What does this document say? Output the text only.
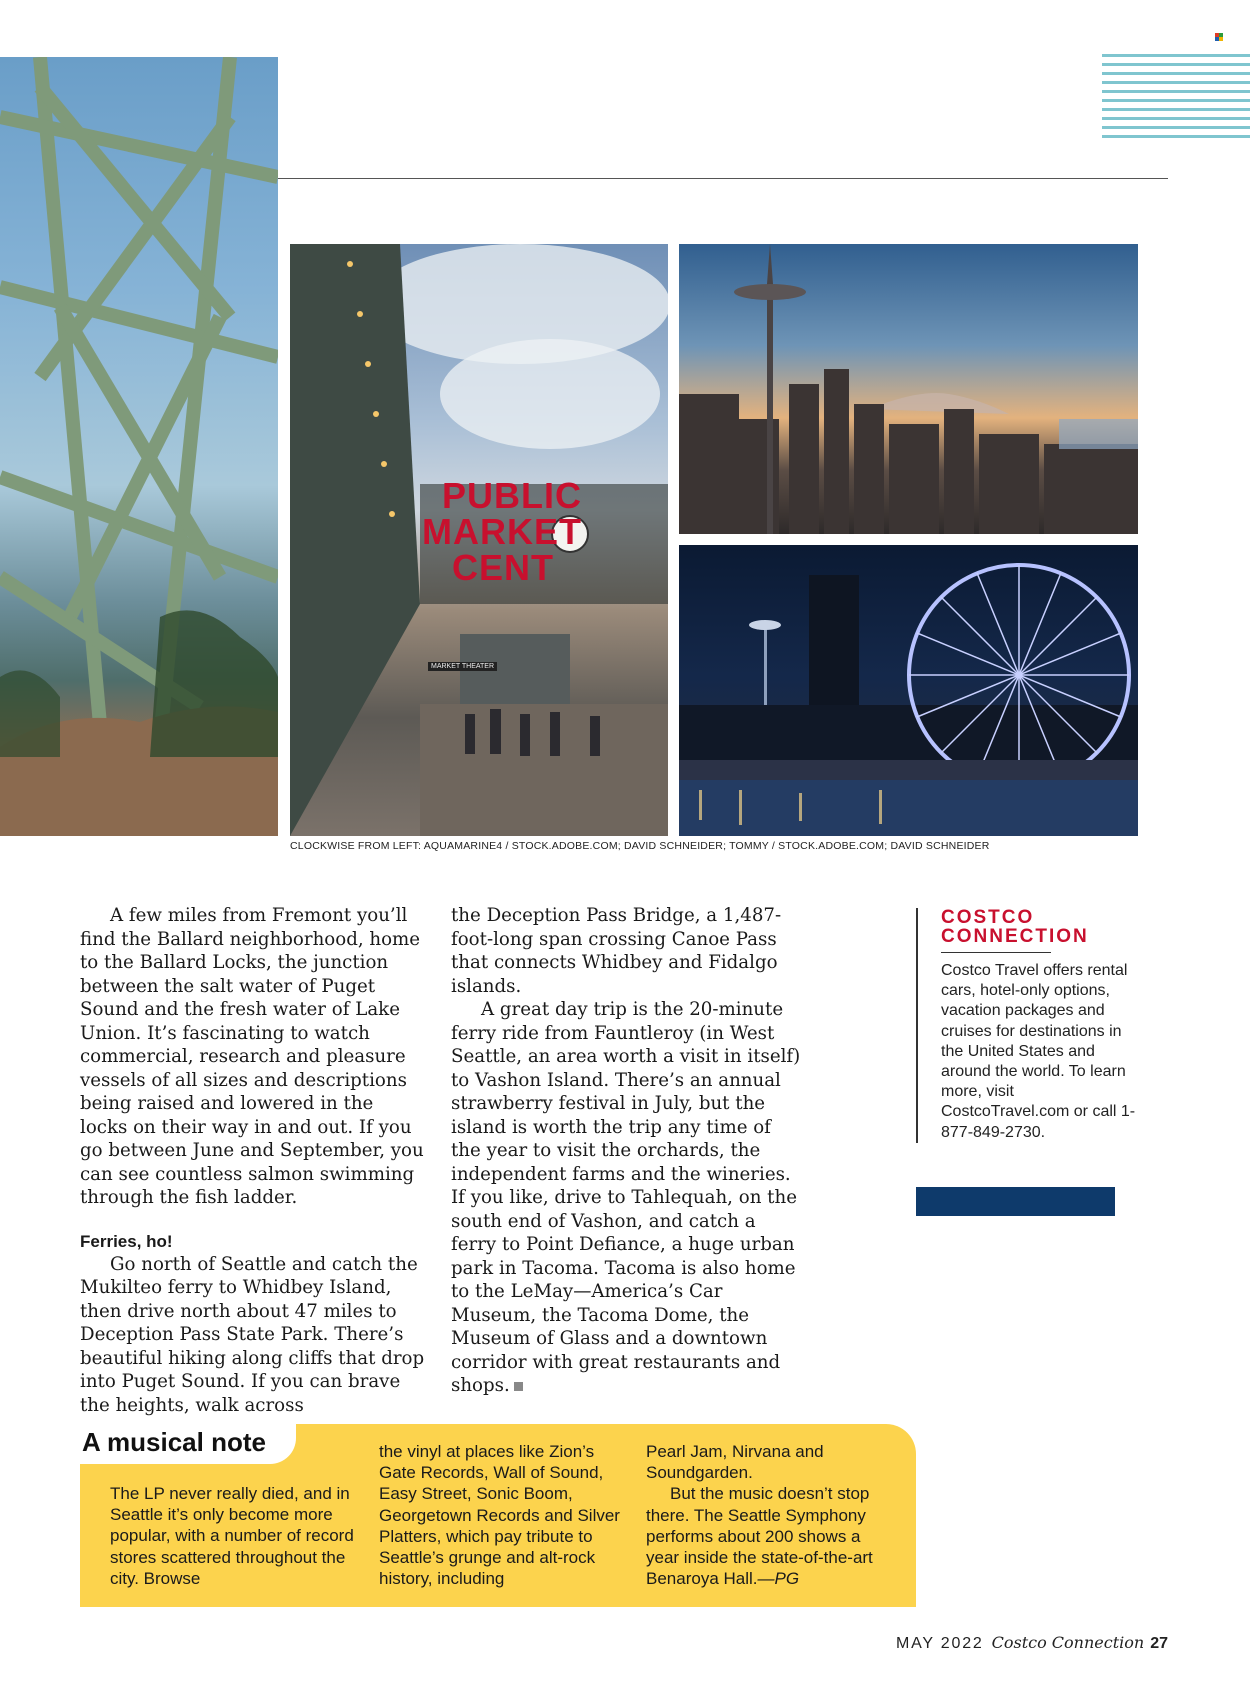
PUBLIC
MARKET
CENT
MARKET THEATER
CLOCKWISE FROM LEFT: AQUAMARINE4 / STOCK.ADOBE.COM; DAVID SCHNEIDER; TOMMY / STOCK.ADOBE.COM; DAVID SCHNEIDER

A few miles from Fremont you’ll find the Ballard neighborhood, home to the Ballard Locks, the junction between the salt water of Puget Sound and the fresh water of Lake Union. It’s fascinating to watch commercial, research and pleasure vessels of all sizes and descriptions being raised and lowered in the locks on their way in and out. If you go between June and September, you can see countless salmon swimming through the fish ladder.

Ferries, ho!

Go north of Seattle and catch the Mukilteo ferry to Whidbey Island, then drive north about 47 miles to Deception Pass State Park. There’s beautiful hiking along cliffs that drop into Puget Sound. If you can brave the heights, walk across

the Deception Pass Bridge, a 1,487-foot-long span crossing Canoe Pass that connects Whidbey and Fidalgo islands.

A great day trip is the 20-minute ferry ride from Fauntleroy (in West Seattle, an area worth a visit in itself) to Vashon Island. There’s an annual strawberry festival in July, but the island is worth the trip any time of the year to visit the orchards, the independent farms and the wineries. If you like, drive to Tahlequah, on the south end of Vashon, and catch a ferry to Point Defiance, a huge urban park in Tacoma. Tacoma is also home to the LeMay—America’s Car Museum, the Tacoma Dome, the Museum of Glass and a downtown corridor with great restaurants and shops.

COSTCO
CONNECTION
Costco Travel offers rental cars, hotel-only options, vacation packages and cruises for destinations in the United States and around the world. To learn more, visit CostcoTravel.com or call 1-877-849-2730.
A musical note

The LP never really died, and in Seattle it’s only become more popular, with a number of record stores scattered throughout the city. Browse

the vinyl at places like Zion’s Gate Records, Wall of Sound, Easy Street, Sonic Boom, Georgetown Records and Silver Platters, which pay tribute to Seattle’s grunge and alt-rock history, including

Pearl Jam, Nirvana and Soundgarden.

But the music doesn’t stop there. The Seattle Symphony performs about 200 shows a year inside the state-of-the-art Benaroya Hall.—PG

MAY 2022 Costco Connection 27
